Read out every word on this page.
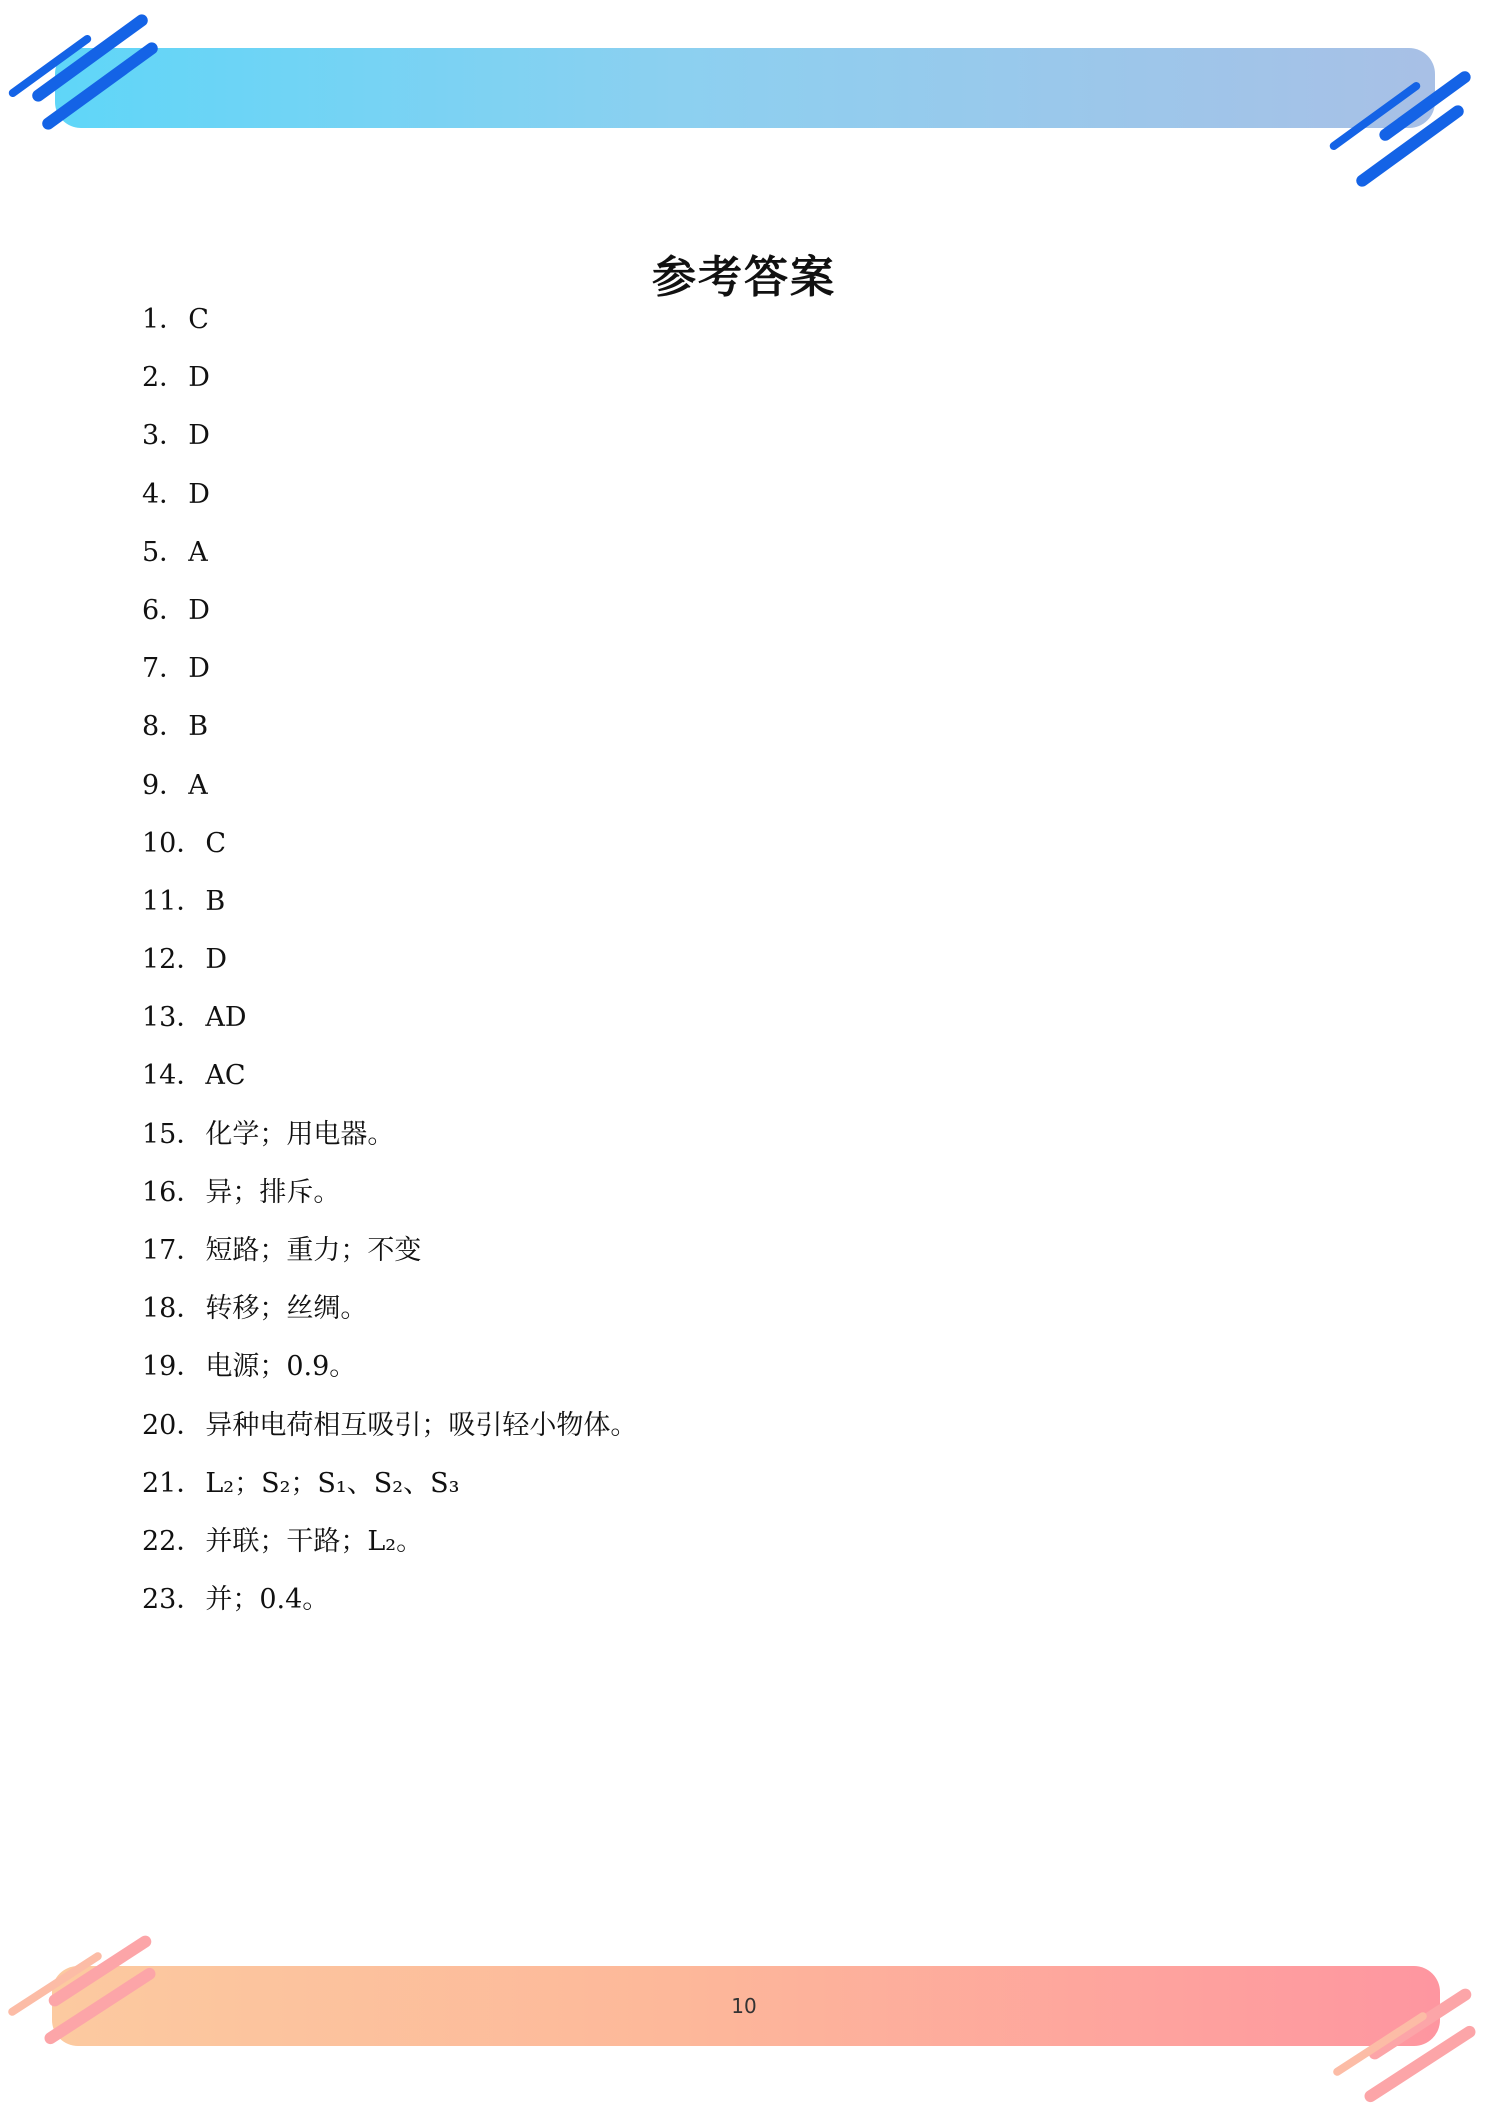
参考答案
1．C
2．D
3．D
4．D
5．A
6．D
7．D
8．B
9．A
10．C
11．B
12．D
13．AD
14．AC
15．化学；用电器。
16．异；排斥。
17．短路；重力；不变
18．转移；丝绸。
19．电源；0.9。
20．异种电荷相互吸引；吸引轻小物体。
21．L₂；S₂；S₁、S₂、S₃
22．并联；干路；L₂。
23．并；0.4。
10
